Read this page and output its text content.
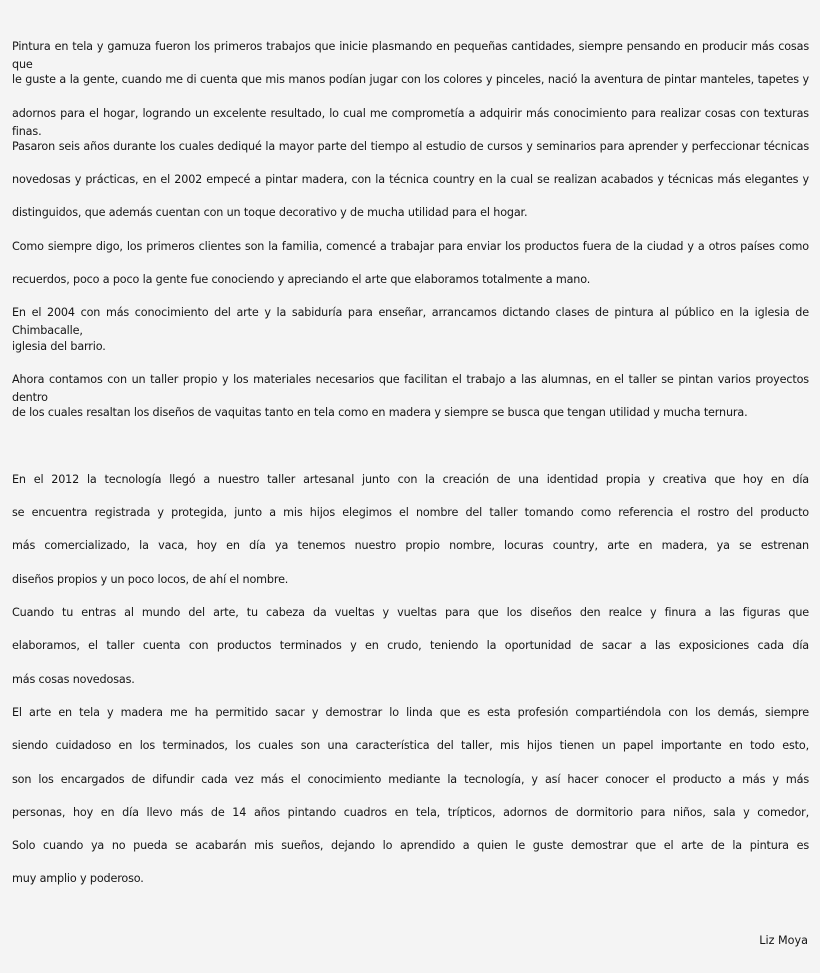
Pintura en tela y gamuza fueron los primeros trabajos que inicie plasmando en pequeñas cantidades, siempre pensando en producir más cosas que
le guste a la gente, cuando me di cuenta que mis manos podían jugar con los colores y pinceles, nació la aventura de pintar manteles, tapetes y
adornos para el hogar, logrando un excelente resultado, lo cual me comprometía a adquirir más conocimiento para realizar cosas con texturas finas.
Pasaron seis años durante los cuales dediqué la mayor parte del tiempo al estudio de cursos y seminarios para aprender y perfeccionar técnicas
novedosas y prácticas, en el 2002 empecé a pintar madera, con la técnica country en la cual se realizan acabados y técnicas más elegantes y
distinguidos, que además cuentan con un toque decorativo y de mucha utilidad para el hogar.
Como siempre digo, los primeros clientes son la familia, comencé a trabajar para enviar los productos fuera de la ciudad y a otros países como
recuerdos, poco a poco la gente fue conociendo y apreciando el arte que elaboramos totalmente a mano.
En el 2004 con más conocimiento del arte y la sabiduría para enseñar, arrancamos dictando clases de pintura al público en la iglesia de Chimbacalle,
iglesia del barrio.
Ahora contamos con un taller propio y los materiales necesarios que facilitan el trabajo a las alumnas, en el taller se pintan varios proyectos dentro
de los cuales resaltan los diseños de vaquitas tanto en tela como en madera y siempre se busca que tengan utilidad y mucha ternura.
En el 2012 la tecnología llegó a nuestro taller artesanal junto con la creación de una identidad propia y creativa que hoy en día
se encuentra registrada y protegida, junto a mis hijos elegimos el nombre del taller tomando como referencia el rostro del producto
más comercializado, la vaca, hoy en día ya tenemos nuestro propio nombre, locuras country, arte en madera, ya se estrenan
diseños propios y un poco locos, de ahí el nombre.
Cuando tu entras al mundo del arte, tu cabeza da vueltas y vueltas para que los diseños den realce y finura a las figuras que
elaboramos, el taller cuenta con productos terminados y en crudo, teniendo la oportunidad de sacar a las exposiciones cada día
más cosas novedosas.
El arte en tela y madera me ha permitido sacar y demostrar lo linda que es esta profesión compartiéndola con los demás, siempre
siendo cuidadoso en los terminados, los cuales son una característica del taller, mis hijos tienen un papel importante en todo esto,
son los encargados de difundir cada vez más el conocimiento mediante la tecnología, y así hacer conocer el producto a más y más
personas, hoy en día llevo más de 14 años pintando cuadros en tela, trípticos, adornos de dormitorio para niños, sala y comedor,
Solo cuando ya no pueda se acabarán mis sueños, dejando lo aprendido a quien le guste demostrar que el arte de la pintura es
muy amplio y poderoso.
Liz Moya
